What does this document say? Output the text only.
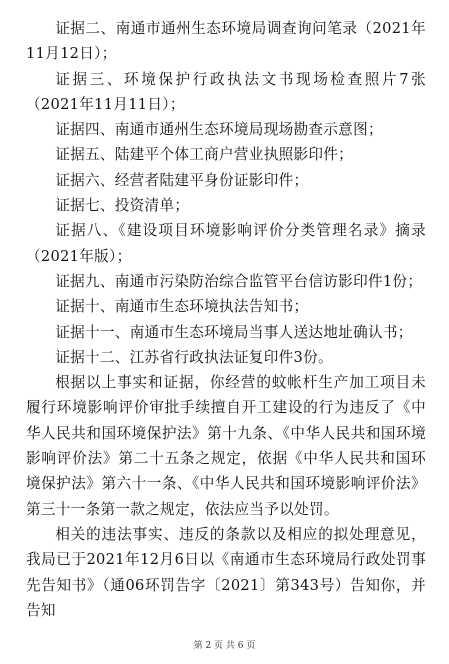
证据二、南通市通州生态环境局调查询问笔录（2021年11月12日）；

证据三、环境保护行政执法文书现场检查照片7张（2021年11月11日）；

证据四、南通市通州生态环境局现场勘查示意图；

证据五、陆建平个体工商户营业执照影印件；

证据六、经营者陆建平身份证影印件；

证据七、投资清单；

证据八、《建设项目环境影响评价分类管理名录》摘录（2021年版）；

证据九、南通市污染防治综合监管平台信访影印件1份；

证据十、南通市生态环境执法告知书；

证据十一、南通市生态环境局当事人送达地址确认书；

证据十二、江苏省行政执法证复印件3份。

根据以上事实和证据，你经营的蚊帐杆生产加工项目未履行环境影响评价审批手续擅自开工建设的行为违反了《中华人民共和国环境保护法》第十九条、《中华人民共和国环境影响评价法》第二十五条之规定，依据《中华人民共和国环境保护法》第六十一条、《中华人民共和国环境影响评价法》第三十一条第一款之规定，依法应当予以处罚。

相关的违法事实、违反的条款以及相应的拟处理意见，我局已于2021年12月6日以《南通市生态环境局行政处罚事先告知书》（通06环罚告字〔2021〕第343号）告知你，并告知

第 2 页 共 6 页
